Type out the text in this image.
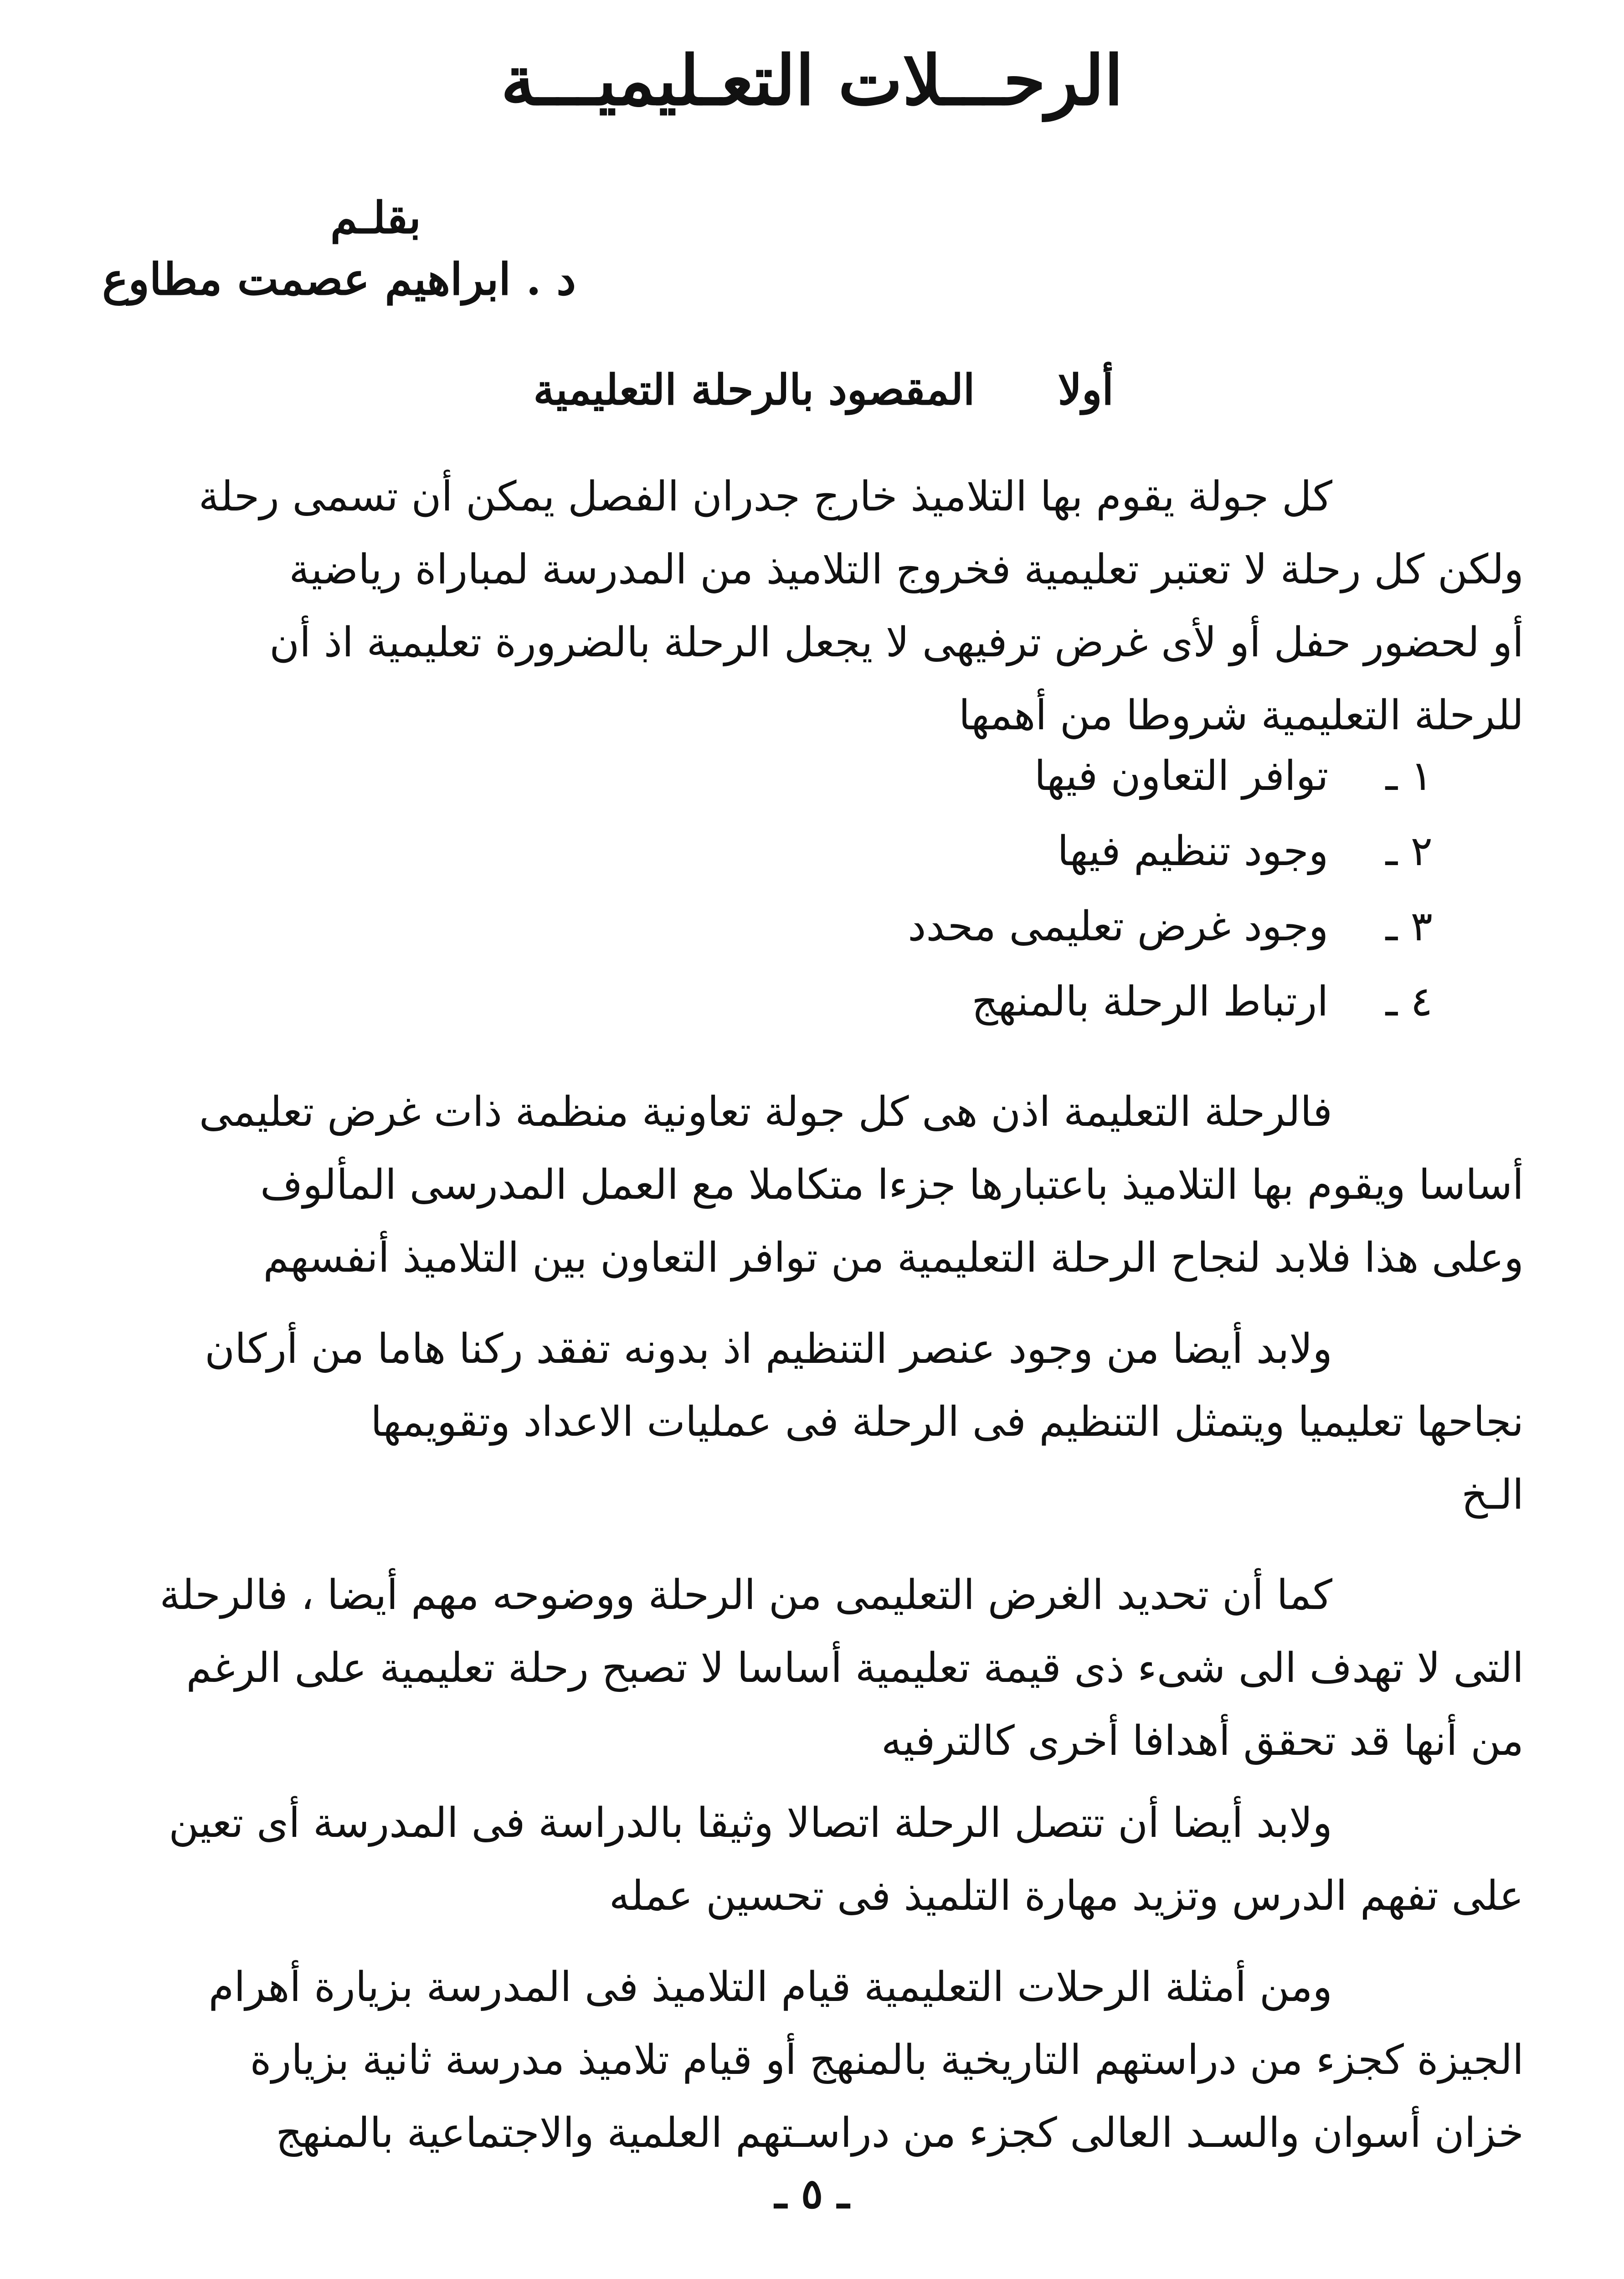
الرحـــلات التعـليميـــة
بقلـم
د . ابراهيم عصمت مطاوع
أولا المقصود بالرحلة التعليمية
كل جولة يقوم بها التلاميذ خارج جدران الفصل يمكن أن تسمى رحلة
ولكن كل رحلة لا تعتبر تعليمية فخروج التلاميذ من المدرسة لمباراة رياضية
أو لحضور حفل أو لأى غرض ترفيهى لا يجعل الرحلة بالضرورة تعليمية اذ أن
للرحلة التعليمية شروطا من أهمها
١ ـ توافر التعاون فيها
٢ ـ وجود تنظيم فيها
٣ ـ وجود غرض تعليمى محدد
٤ ـ ارتباط الرحلة بالمنهج
فالرحلة التعليمة اذن هى كل جولة تعاونية منظمة ذات غرض تعليمى
أساسا ويقوم بها التلاميذ باعتبارها جزءا متكاملا مع العمل المدرسى المألوف
وعلى هذا فلابد لنجاح الرحلة التعليمية من توافر التعاون بين التلاميذ أنفسهم
ولابد أيضا من وجود عنصر التنظيم اذ بدونه تفقد ركنا هاما من أركان
نجاحها تعليميا ويتمثل التنظيم فى الرحلة فى عمليات الاعداد وتقويمها
الـخ
كما أن تحديد الغرض التعليمى من الرحلة ووضوحه مهم أيضا ، فالرحلة
التى لا تهدف الى شىء ذى قيمة تعليمية أساسا لا تصبح رحلة تعليمية على الرغم
من أنها قد تحقق أهدافا أخرى كالترفيه
ولابد أيضا أن تتصل الرحلة اتصالا وثيقا بالدراسة فى المدرسة أى تعين
على تفهم الدرس وتزيد مهارة التلميذ فى تحسين عمله
ومن أمثلة الرحلات التعليمية قيام التلاميذ فى المدرسة بزيارة أهرام
الجيزة كجزء من دراستهم التاريخية بالمنهج أو قيام تلاميذ مدرسة ثانية بزيارة
خزان أسوان والسـد العالى كجزء من دراسـتهم العلمية والاجتماعية بالمنهج
ـ ٥ ـ
